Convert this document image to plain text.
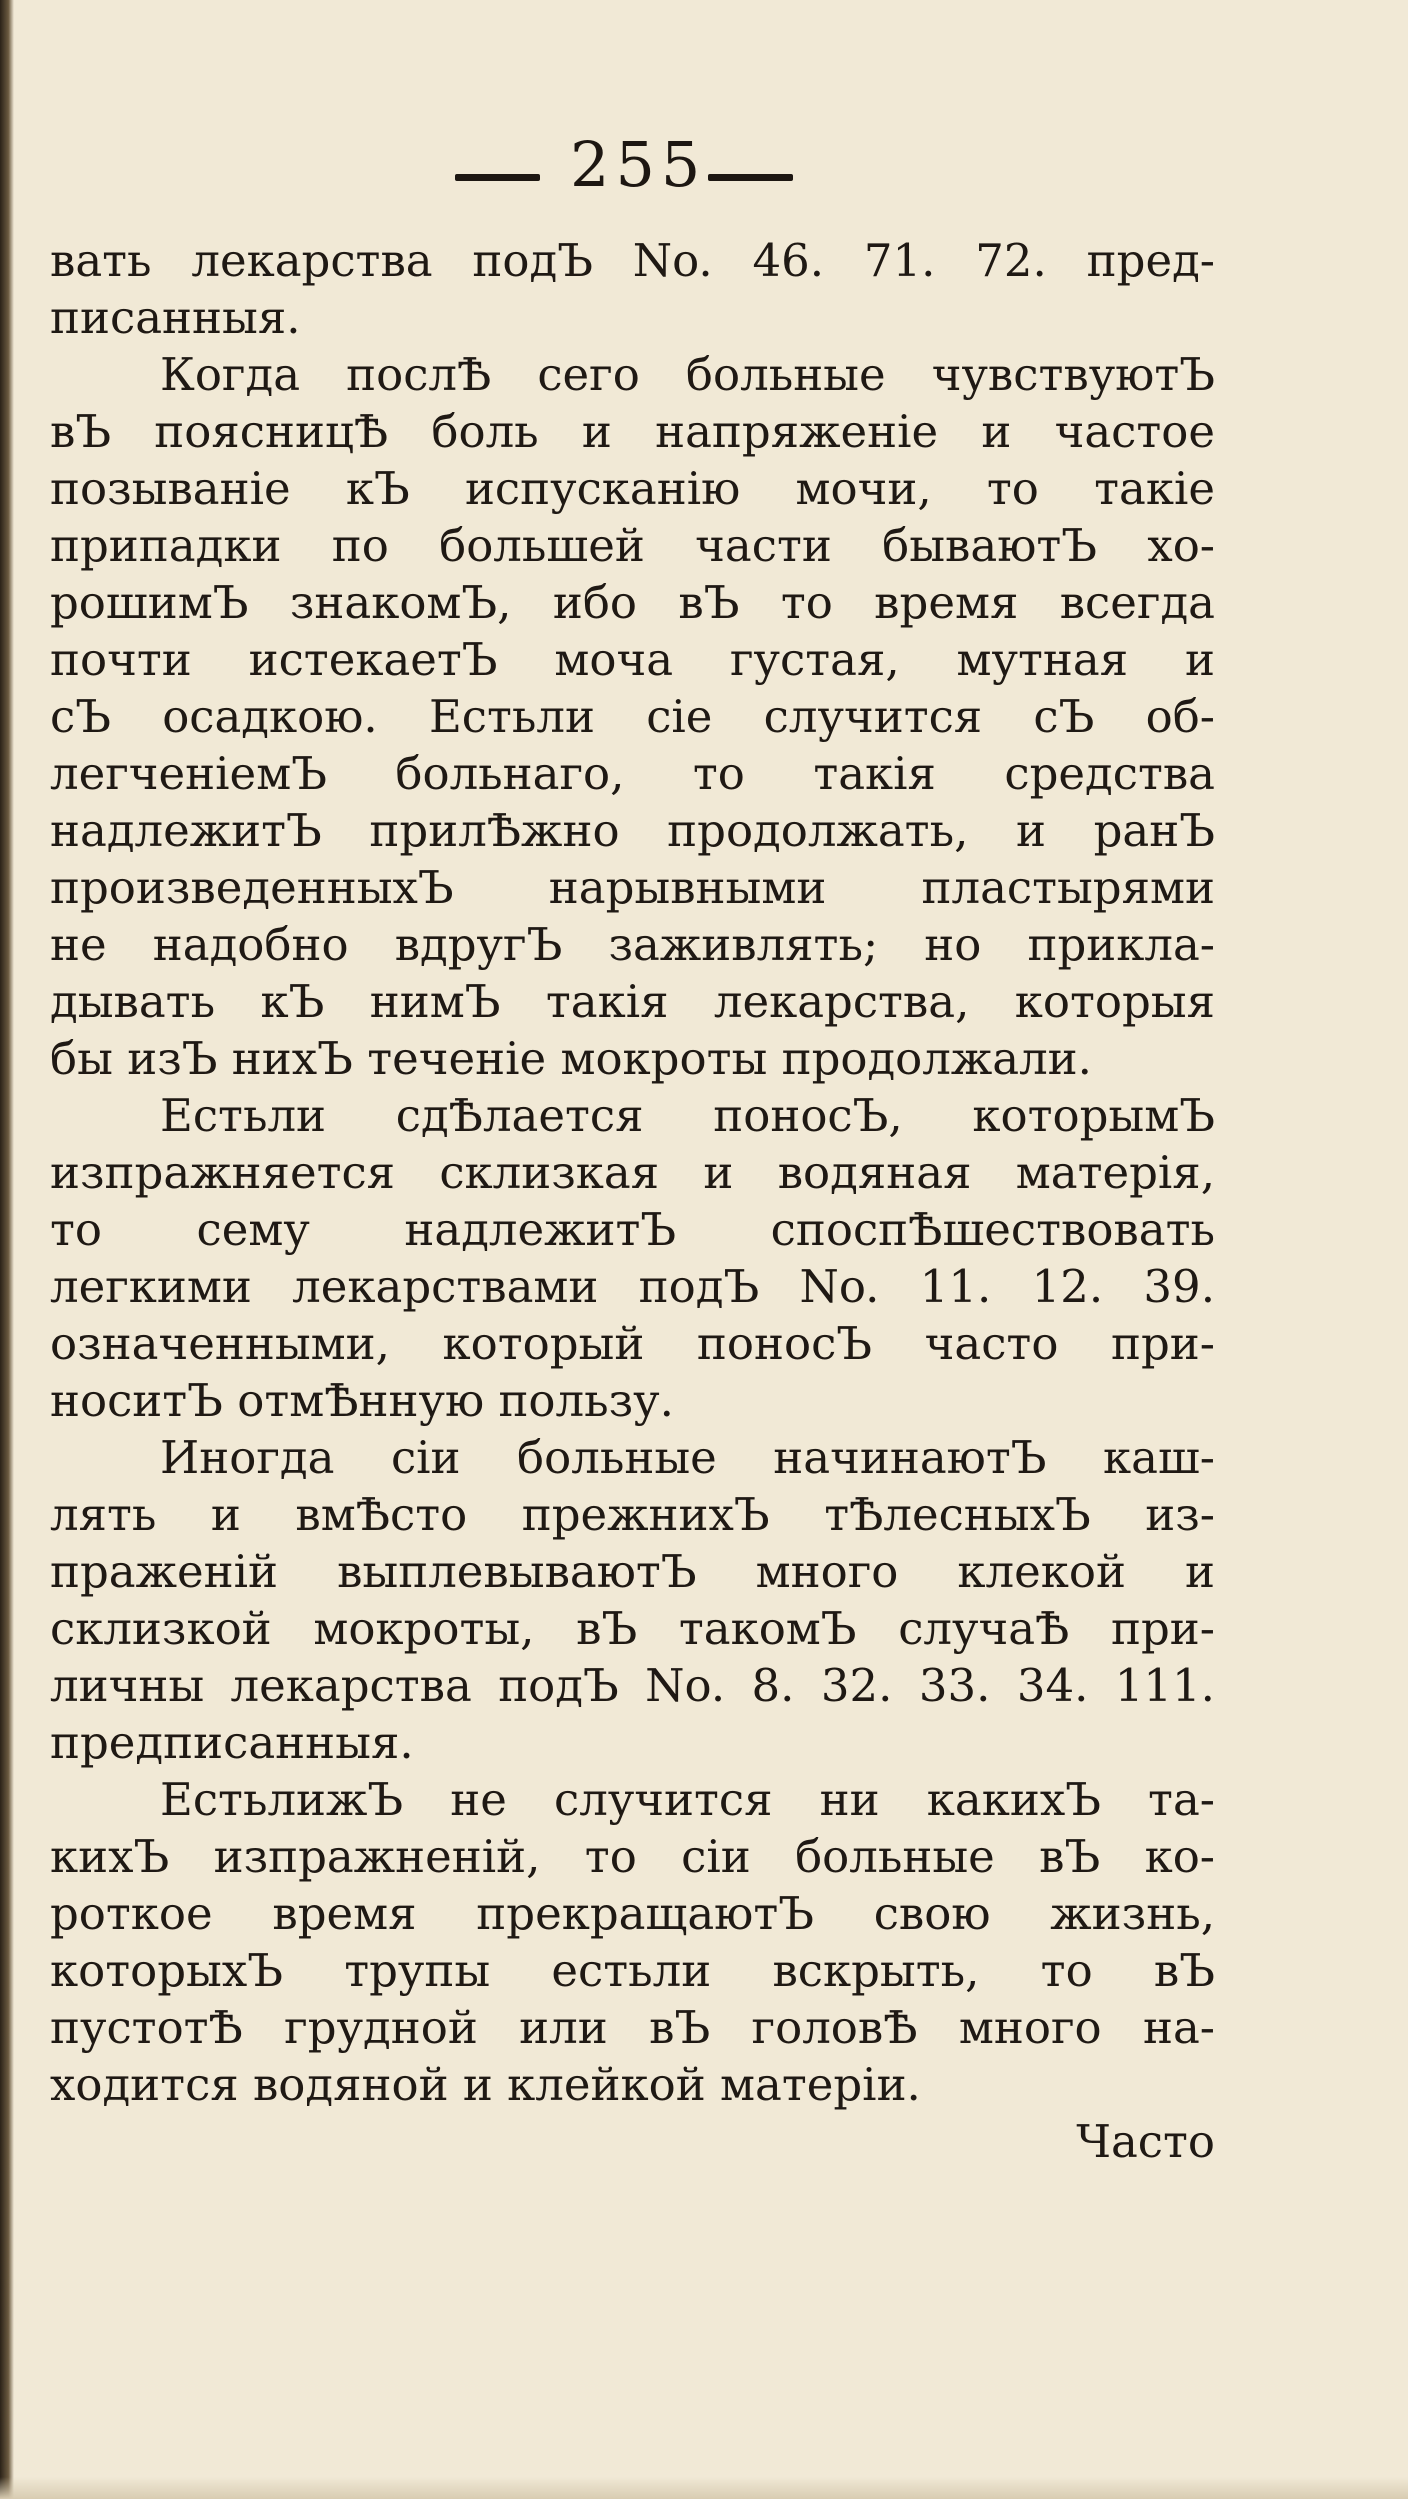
255
вать лекарства подЪ No. 46. 71. 72. пред-
писанныя.
Когда послѢ сего больные чувствуютЪ
вЪ поясницѢ боль и напряженіе и частое
позываніе кЪ испусканію мочи, то такіе
припадки по большей части бываютЪ хо-
рошимЪ знакомЪ, ибо вЪ то время всегда
почти истекаетЪ моча густая, мутная и
сЪ осадкою. Естьли сіе случится сЪ об-
легченіемЪ больнаго, то такія средства
надлежитЪ прилѢжно продолжать, и ранЪ
произведенныхЪ нарывными пластырями
не надобно вдругЪ заживлять; но прикла-
дывать кЪ нимЪ такія лекарства, которыя
бы изЪ нихЪ теченіе мокроты продолжали.
Естьли сдѢлается поносЪ, которымЪ
изпражняется склизкая и водяная матерія,
то сему надлежитЪ споспѢшествовать
легкими лекарствами подЪ No. 11. 12. 39.
означенными, который поносЪ часто при-
носитЪ отмѢнную пользу.
Иногда сіи больные начинаютЪ каш-
лять и вмѢсто прежнихЪ тѢлесныхЪ из-
праженій выплевываютЪ много клекой и
склизкой мокроты, вЪ такомЪ случаѢ при-
личны лекарства подЪ No. 8. 32. 33. 34. 111.
предписанныя.
ЕстьлижЪ не случится ни какихЪ та-
кихЪ изпражненій, то сіи больные вЪ ко-
роткое время прекращаютЪ свою жизнь,
которыхЪ трупы естьли вскрыть, то вЪ
пустотѢ грудной или вЪ головѢ много на-
ходится водяной и клейкой матеріи.
Часто
